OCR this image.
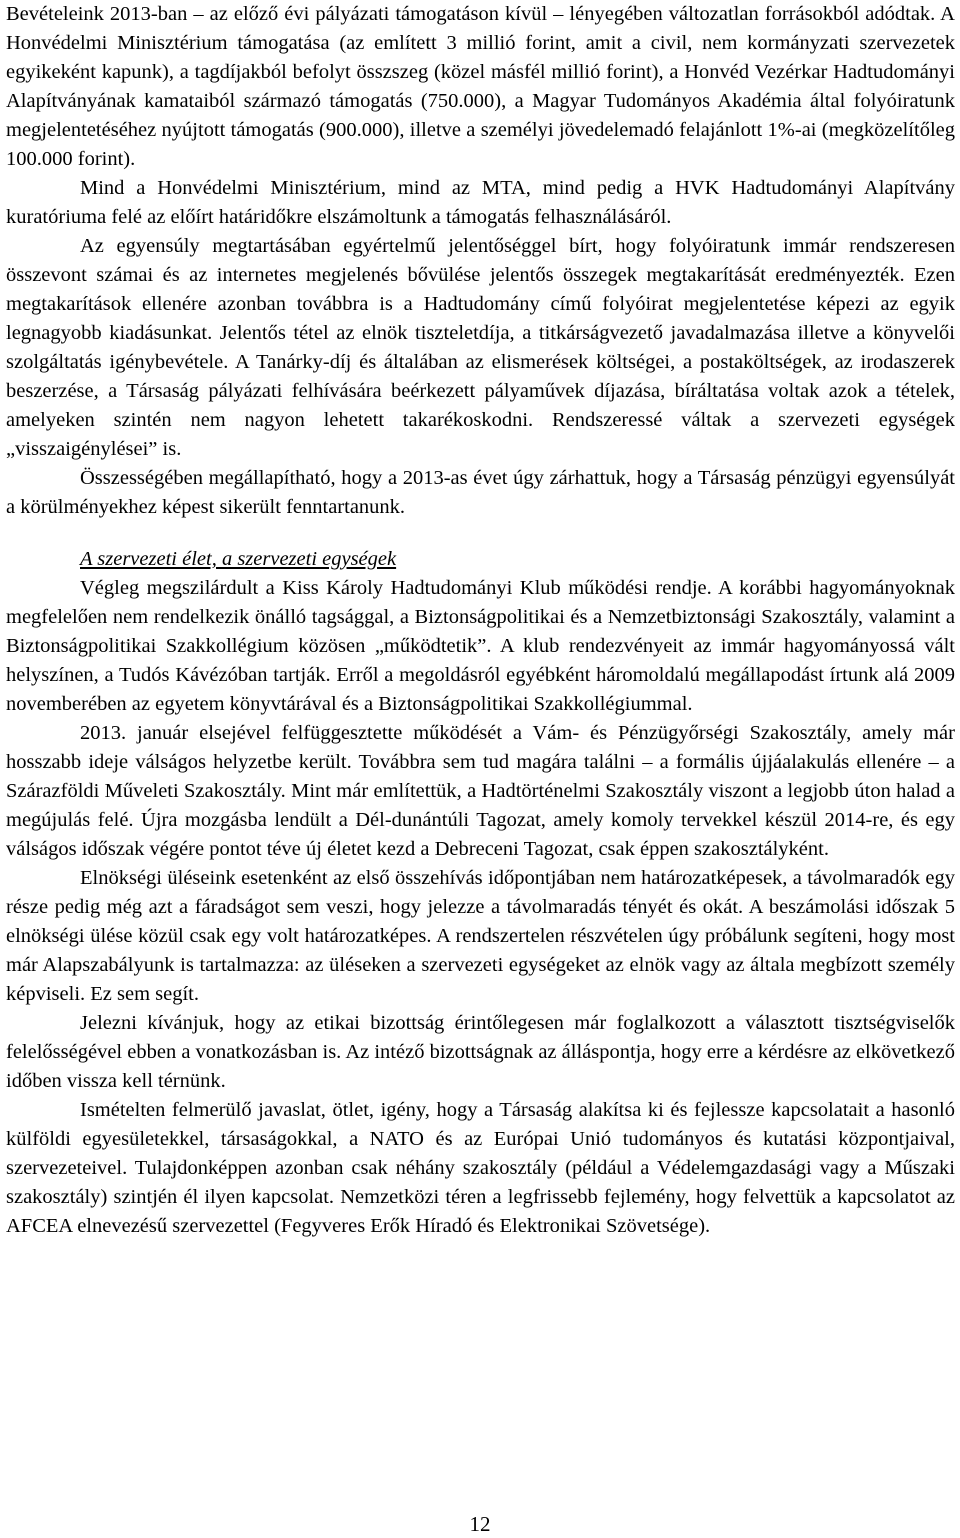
Bevételeink 2013-ban – az előző évi pályázati támogatáson kívül – lényegében változatlan forrásokból adódtak. A Honvédelmi Minisztérium támogatása (az említett 3 millió forint, amit a civil, nem kormányzati szervezetek egyikeként kapunk), a tagdíjakból befolyt összszeg (közel másfél millió forint), a Honvéd Vezérkar Hadtudományi Alapítványának kamataiból származó támogatás (750.000), a Magyar Tudományos Akadémia által folyóiratunk megjelentetéséhez nyújtott támogatás (900.000), illetve a személyi jövedelemadó felajánlott 1%-ai (megközelítőleg 100.000 forint).

Mind a Honvédelmi Minisztérium, mind az MTA, mind pedig a HVK Hadtudományi Alapítvány kuratóriuma felé az előírt határidőkre elszámoltunk a támogatás felhasználásáról.

Az egyensúly megtartásában egyértelmű jelentőséggel bírt, hogy folyóiratunk immár rendszeresen összevont számai és az internetes megjelenés bővülése jelentős összegek megtakarítását eredményezték. Ezen megtakarítások ellenére azonban továbbra is a Hadtudomány című folyóirat megjelentetése képezi az egyik legnagyobb kiadásunkat. Jelentős tétel az elnök tiszteletdíja, a titkárságvezető javadalmazása illetve a könyvelői szolgáltatás igénybevétele. A Tanárky-díj és általában az elismerések költségei, a postaköltségek, az irodaszerek beszerzése, a Társaság pályázati felhívására beérkezett pályaművek díjazása, bíráltatása voltak azok a tételek, amelyeken szintén nem nagyon lehetett takarékoskodni. Rendszeressé váltak a szervezeti egységek „visszaigénylései” is.

Összességében megállapítható, hogy a 2013-as évet úgy zárhattuk, hogy a Társaság pénzügyi egyensúlyát a körülményekhez képest sikerült fenntartanunk.

A szervezeti élet, a szervezeti egységek

Végleg megszilárdult a Kiss Károly Hadtudományi Klub működési rendje. A korábbi hagyományoknak megfelelően nem rendelkezik önálló tagsággal, a Biztonságpolitikai és a Nemzetbiztonsági Szakosztály, valamint a Biztonságpolitikai Szakkollégium közösen „működtetik”. A klub rendezvényeit az immár hagyományossá vált helyszínen, a Tudós Kávézóban tartják. Erről a megoldásról egyébként háromoldalú megállapodást írtunk alá 2009 novemberében az egyetem könyvtárával és a Biztonságpolitikai Szakkollégiummal.

2013. január elsejével felfüggesztette működését a Vám- és Pénzügyőrségi Szakosztály, amely már hosszabb ideje válságos helyzetbe került. Továbbra sem tud magára találni – a formális újjáalakulás ellenére – a Szárazföldi Műveleti Szakosztály. Mint már említettük, a Hadtörténelmi Szakosztály viszont a legjobb úton halad a megújulás felé. Újra mozgásba lendült a Dél-dunántúli Tagozat, amely komoly tervekkel készül 2014-re, és egy válságos időszak végére pontot téve új életet kezd a Debreceni Tagozat, csak éppen szakosztályként.

Elnökségi üléseink esetenként az első összehívás időpontjában nem határozatképesek, a távolmaradók egy része pedig még azt a fáradságot sem veszi, hogy jelezze a távolmaradás tényét és okát. A beszámolási időszak 5 elnökségi ülése közül csak egy volt határozatképes. A rendszertelen részvételen úgy próbálunk segíteni, hogy most már Alapszabályunk is tartalmazza: az üléseken a szervezeti egységeket az elnök vagy az általa megbízott személy képviseli. Ez sem segít.

Jelezni kívánjuk, hogy az etikai bizottság érintőlegesen már foglalkozott a választott tisztségviselők felelősségével ebben a vonatkozásban is. Az intéző bizottságnak az álláspontja, hogy erre a kérdésre az elkövetkező időben vissza kell térnünk.

Ismételten felmerülő javaslat, ötlet, igény, hogy a Társaság alakítsa ki és fejlessze kapcsolatait a hasonló külföldi egyesületekkel, társaságokkal, a NATO és az Európai Unió tudományos és kutatási központjaival, szervezeteivel. Tulajdonképpen azonban csak néhány szakosztály (például a Védelemgazdasági vagy a Műszaki szakosztály) szintjén él ilyen kapcsolat. Nemzetközi téren a legfrissebb fejlemény, hogy felvettük a kapcsolatot az AFCEA elnevezésű szervezettel (Fegyveres Erők Híradó és Elektronikai Szövetsége).

12
